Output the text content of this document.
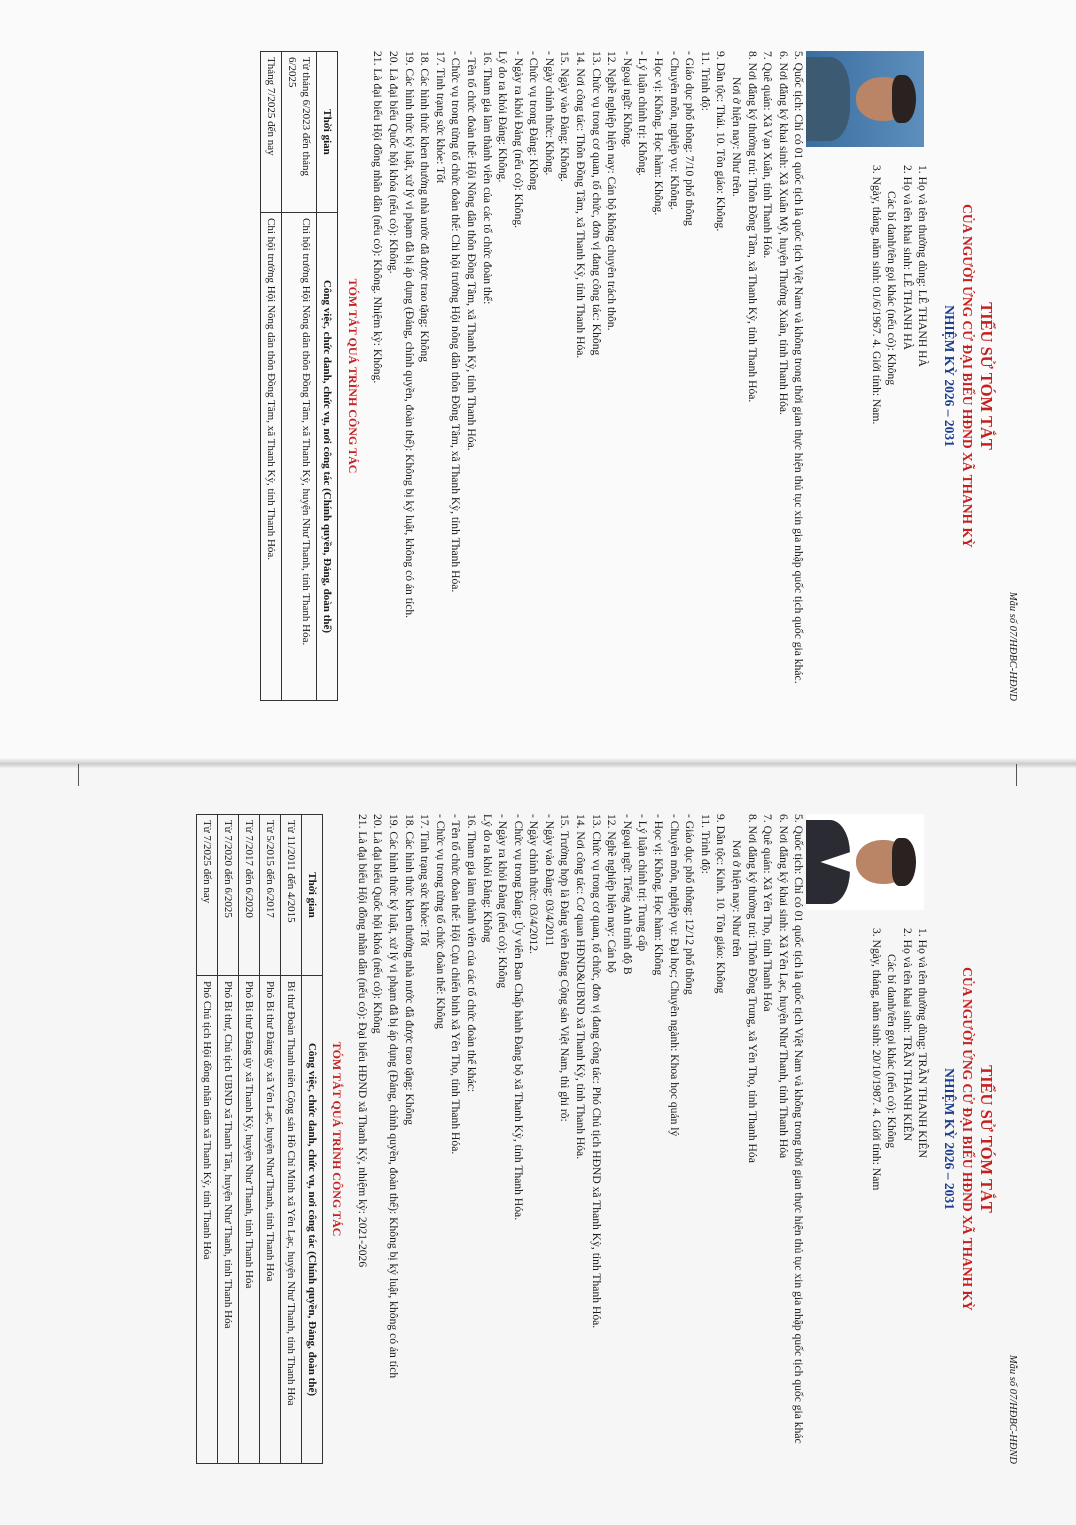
Mẫu số 07/HĐBC-HĐND
TIỂU SỬ TÓM TẮT
CỦA NGƯỜI ỨNG CỬ ĐẠI BIỂU HĐND XÃ THANH KỲ
NHIỆM KỲ 2026 – 2031

1. Họ và tên thường dùng: LÊ THANH HÀ

2. Họ và tên khai sinh: LÊ THANH HÀ

Các bí danh/tên gọi khác (nếu có): Không

3. Ngày, tháng, năm sinh: 01/6/1967. 4. Giới tính: Nam.

5. Quốc tịch: Chỉ có 01 quốc tịch là quốc tịch Việt Nam và không trong thời gian thực hiện thủ tục xin gia nhập quốc tịch quốc gia khác.

6. Nơi đăng ký khai sinh: Xã Xuân Mỹ, huyện Thường Xuân, tỉnh Thanh Hóa.

7. Quê quán: Xã Vạn Xuân, tỉnh Thanh Hóa.

8. Nơi đăng ký thường trú: Thôn Đồng Tâm, xã Thanh Kỳ, tỉnh Thanh Hóa.

Nơi ở hiện nay: Như trên.

9. Dân tộc: Thái. 10. Tôn giáo: Không.

11. Trình độ:

- Giáo dục phổ thông: 7/10 phổ thông

- Chuyên môn, nghiệp vụ: Không.

- Học vị: Không. Học hàm: Không.

- Lý luận chính trị: Không.

- Ngoại ngữ: Không.

12. Nghề nghiệp hiện nay: Cán bộ không chuyên trách thôn.

13. Chức vụ trong cơ quan, tổ chức, đơn vị đang công tác: Không

14. Nơi công tác: Thôn Đồng Tâm, xã Thanh Kỳ, tỉnh Thanh Hóa.

15. Ngày vào Đảng: Không.

- Ngày chính thức: Không.

- Chức vụ trong Đảng: Không

- Ngày ra khỏi Đảng (nếu có): Không.

Lý do ra khỏi Đảng: Không.

16. Tham gia làm thành viên của các tổ chức đoàn thể:

- Tên tổ chức đoàn thể: Hội Nông dân thôn Đồng Tâm, xã Thanh Kỳ, tỉnh Thanh Hóa.

- Chức vụ trong từng tổ chức đoàn thể: Chi hội trưởng Hội nông dân thôn Đồng Tâm, xã Thanh Kỳ, tỉnh Thanh Hóa.

17. Tình trạng sức khỏe: Tốt

18. Các hình thức khen thưởng nhà nước đã được trao tặng: Không

19. Các hình thức kỷ luật, xử lý vi phạm đã bị áp dụng (Đảng, chính quyền, đoàn thể): Không bị kỷ luật, không có án tích.

20. Là đại biểu Quốc hội khóa (nếu có): Không.

21. Là đại biểu Hội đồng nhân dân (nếu có): Không. Nhiệm kỳ: Không.

TÓM TẮT QUÁ TRÌNH CÔNG TÁC
Thời gian	Công việc, chức danh, chức vụ, nơi công tác (Chính quyền, Đảng, đoàn thể)
Từ tháng 6/2023 đến tháng 6/2025	Chi hội trưởng Hội Nông dân thôn Đồng Tâm, xã Thanh Kỳ, huyện Như Thanh, tỉnh Thanh Hóa.
Tháng 7/2025 đến nay	Chi hội trưởng Hội Nông dân thôn Đồng Tâm, xã Thanh Kỳ, tỉnh Thanh Hóa.
Mẫu số 07/HĐBC-HĐND
TIỂU SỬ TÓM TẮT
CỦA NGƯỜI ỨNG CỬ ĐẠI BIỂU HĐND XÃ THANH KỲ
NHIỆM KỲ 2026 – 2031

1. Họ và tên thường dùng: TRẦN THANH KIÊN

2. Họ và tên khai sinh: TRẦN THANH KIÊN

Các bí danh/tên gọi khác (nếu có): Không

3. Ngày, tháng, năm sinh: 20/10/1987. 4. Giới tính: Nam

5. Quốc tịch: Chỉ có 01 quốc tịch là quốc tịch Việt Nam và không trong thời gian thực hiện thủ tục xin gia nhập quốc tịch quốc gia khác

6. Nơi đăng ký khai sinh: Xã Yên Lạc, huyện Như Thanh, tỉnh Thanh Hóa

7. Quê quán: Xã Yên Thọ, tỉnh Thanh Hóa

8. Nơi đăng ký thường trú: Thôn Đồng Trung, xã Yên Thọ, tỉnh Thanh Hóa

Nơi ở hiện nay: Như trên

9. Dân tộc: Kinh. 10. Tôn giáo: Không

11. Trình độ:

- Giáo dục phổ thông: 12/12 phổ thông

- Chuyên môn, nghiệp vụ: Đại học; Chuyên ngành: Khoa học quản lý

- Học vị: Không. Học hàm: Không

- Lý luận chính trị: Trung cấp

- Ngoại ngữ: Tiếng Anh trình độ B

12. Nghề nghiệp hiện nay: Cán bộ

13. Chức vụ trong cơ quan, tổ chức, đơn vị đang công tác: Phó Chủ tịch HĐND xã Thanh Kỳ, tỉnh Thanh Hóa.

14. Nơi công tác: Cơ quan HĐND&UBND xã Thanh Kỳ, tỉnh Thanh Hóa.

15. Trường hợp là Đảng viên Đảng Cộng sản Việt Nam, thì ghi rõ:

- Ngày vào Đảng: 03/4/2011

- Ngày chính thức: 03/4/2012.

- Chức vụ trong Đảng: Ủy viên Ban Chấp hành Đảng bộ xã Thanh Kỳ, tỉnh Thanh Hóa.

- Ngày ra khỏi Đảng (nếu có): Không

Lý do ra khỏi Đảng: Không

16. Tham gia làm thành viên của các tổ chức đoàn thể khác:

- Tên tổ chức đoàn thể: Hội Cựu chiến binh xã Yên Thọ, tỉnh Thanh Hóa.

- Chức vụ trong từng tổ chức đoàn thể: Không

17. Tình trạng sức khỏe: Tốt

18. Các hình thức khen thưởng nhà nước đã được trao tặng: Không

19. Các hình thức kỷ luật, xử lý vi phạm đã bị áp dụng (Đảng, chính quyền, đoàn thể): Không bị kỷ luật, không có án tích

20. Là đại biểu Quốc hội khóa (nếu có): Không

21. Là đại biểu Hội đồng nhân dân (nếu có): Đại biểu HĐND xã Thanh Kỳ, nhiệm kỳ: 2021-2026

TÓM TẮT QUÁ TRÌNH CÔNG TÁC
Thời gian	Công việc, chức danh, chức vụ, nơi công tác (Chính quyền, Đảng, đoàn thể)
Từ 11/2011 đến 4/2015	Bí thư Đoàn Thanh niên Cộng sản Hồ Chí Minh xã Yên Lạc, huyện Như Thanh, tỉnh Thanh Hóa
Từ 5/2015 đến 6/2017	Phó Bí thư Đảng ủy xã Yên Lạc, huyện Như Thanh, tỉnh Thanh Hóa
Từ 7/2017 đến 6/2020	Phó Bí thư Đảng ủy xã Thanh Kỳ, huyện Như Thanh, tỉnh Thanh Hóa
Từ 7/2020 đến 6/2025	Phó Bí thư, Chủ tịch UBND xã Thanh Tân, huyện Như Thanh, tỉnh Thanh Hóa
Từ 7/2025 đến nay	Phó Chủ tịch Hội đồng nhân dân xã Thanh Kỳ, tỉnh Thanh Hóa
